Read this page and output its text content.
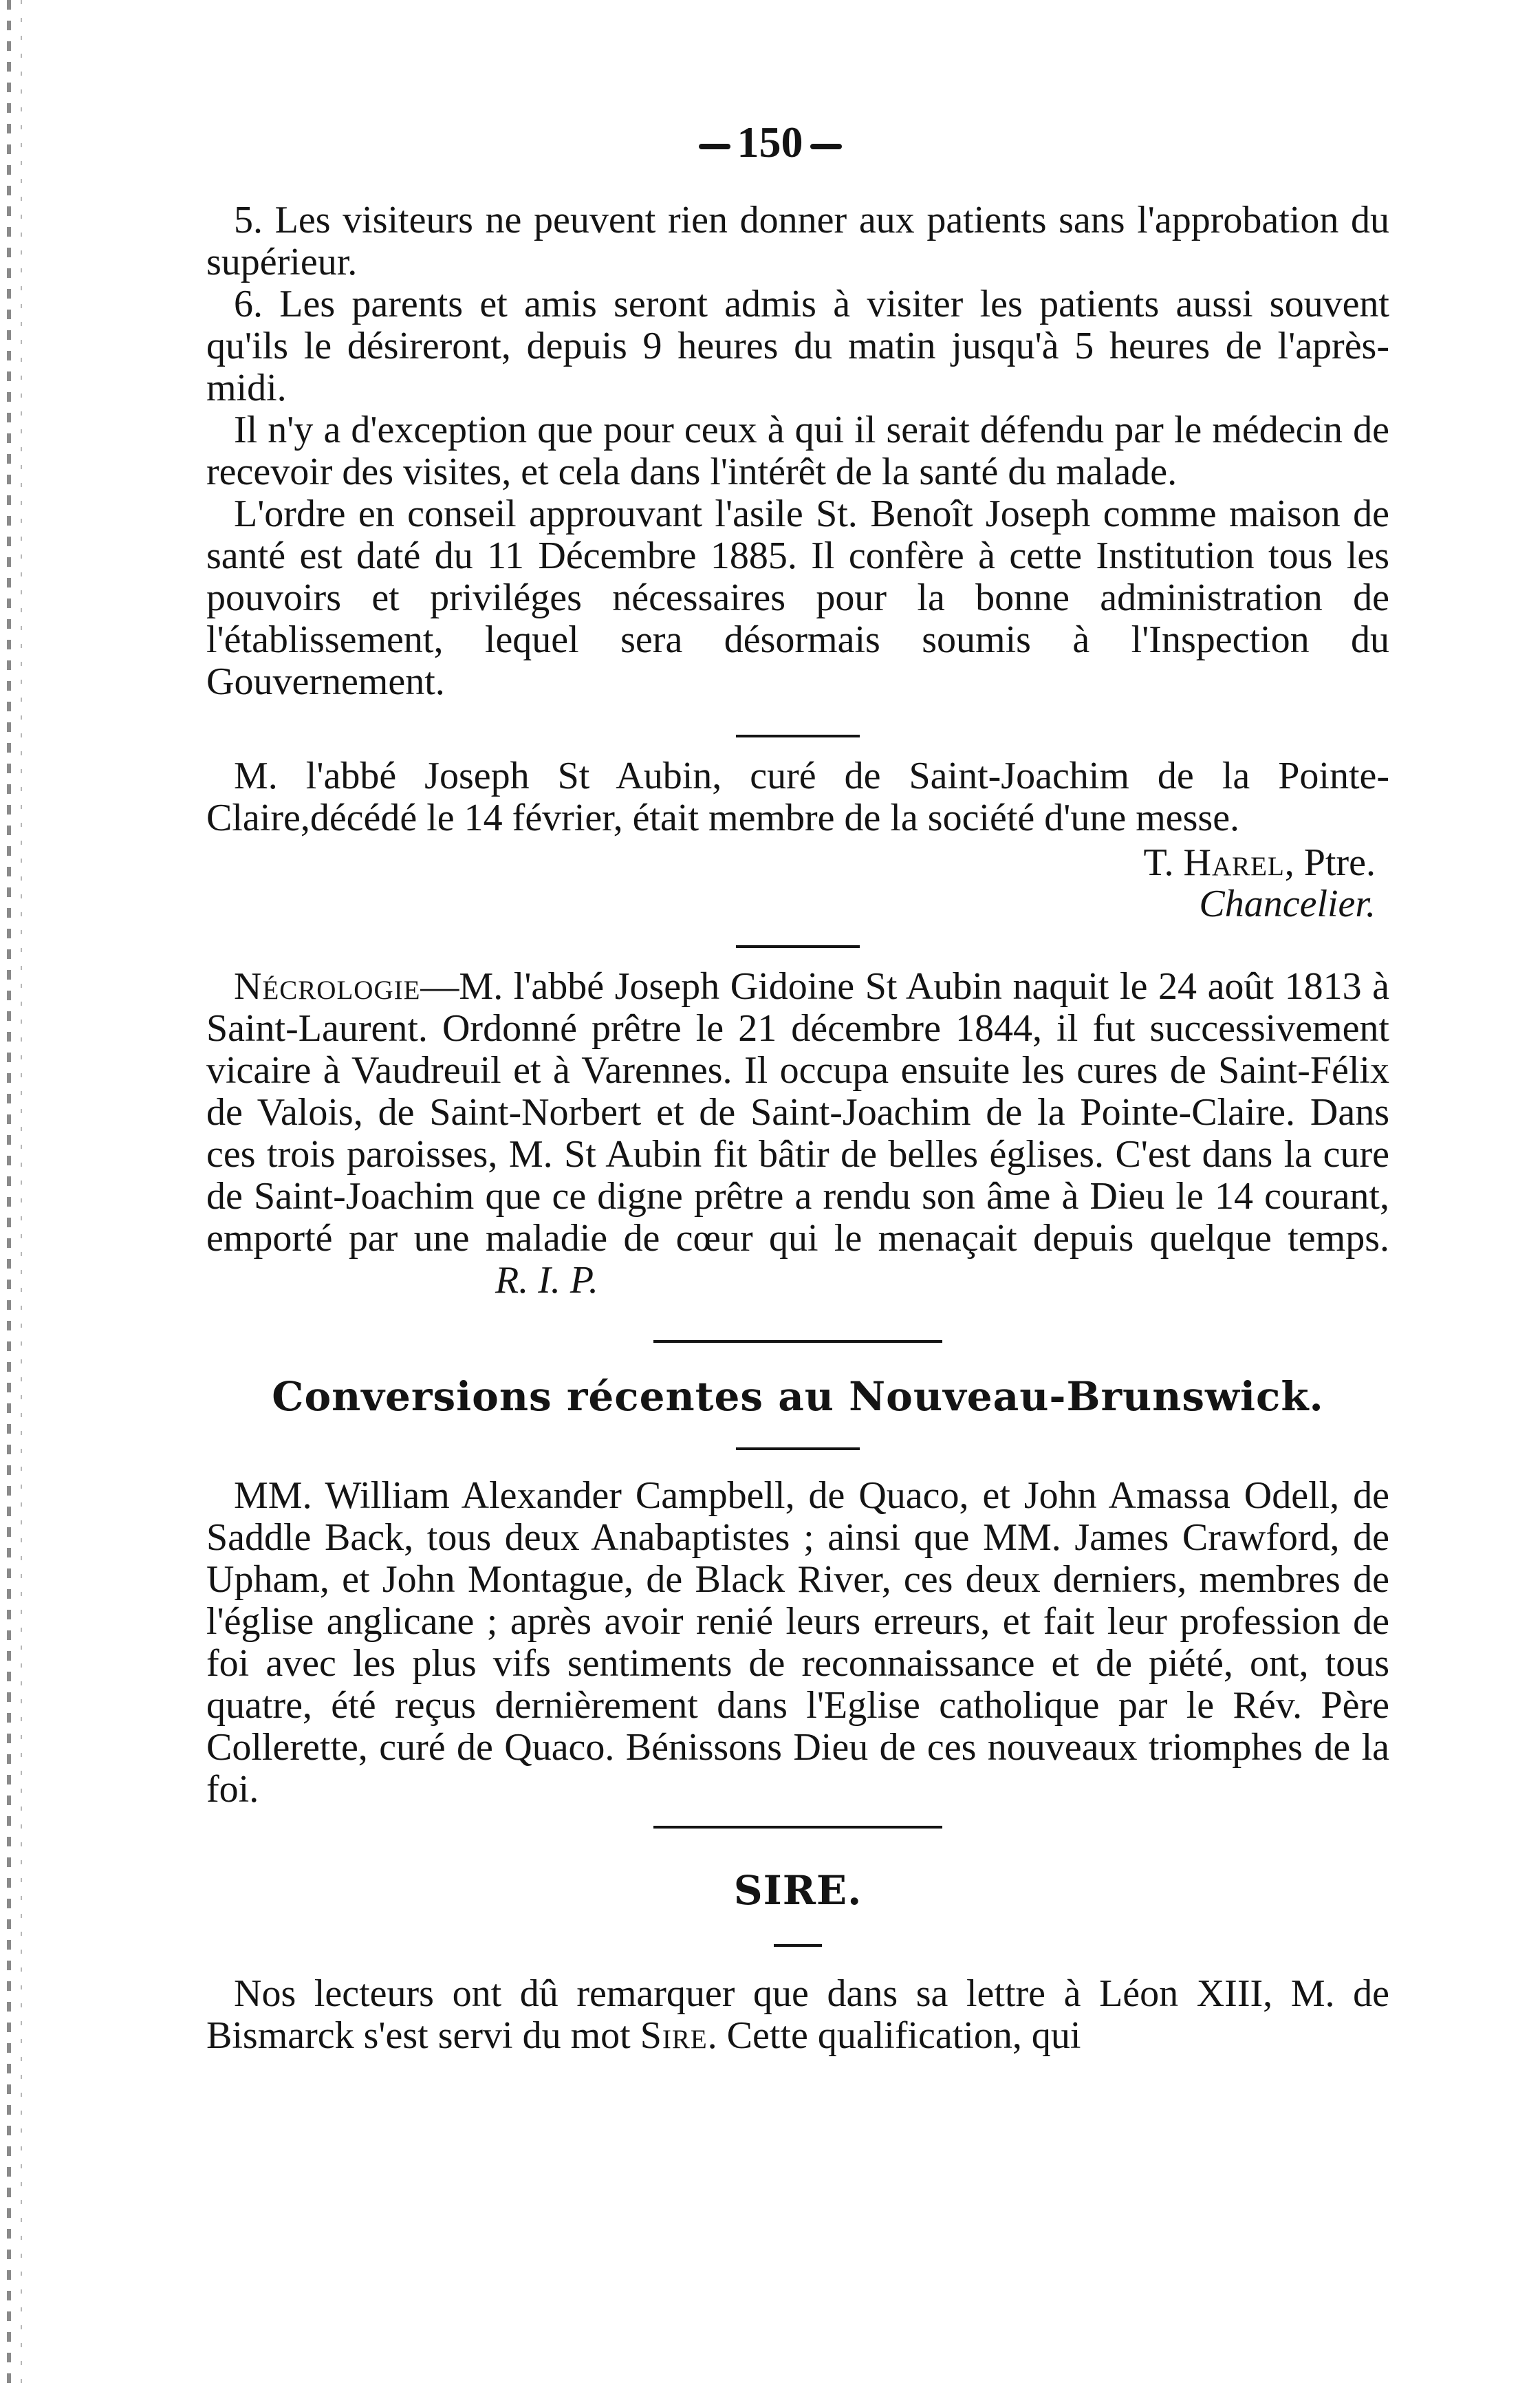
150

5. Les visiteurs ne peuvent rien donner aux patients sans l'approbation du supérieur.

6. Les parents et amis seront admis à visiter les patients aussi souvent qu'ils le désireront, depuis 9 heures du matin jusqu'à 5 heures de l'après-midi.

Il n'y a d'exception que pour ceux à qui il serait défendu par le médecin de recevoir des visites, et cela dans l'intérêt de la santé du malade.

L'ordre en conseil approuvant l'asile St. Benoît Joseph comme maison de santé est daté du 11 Décembre 1885. Il confère à cette Institution tous les pouvoirs et priviléges nécessaires pour la bonne administration de l'établissement, lequel sera désormais soumis à l'Inspection du Gouvernement.

M. l'abbé Joseph St Aubin, curé de Saint-Joachim de la Pointe-Claire,décédé le 14 février, était membre de la société d'une messe.

T. Harel, Ptre.
Chancelier.

Nécrologie—M. l'abbé Joseph Gidoine St Aubin naquit le 24 août 1813 à Saint-Laurent. Ordonné prêtre le 21 décembre 1844, il fut successivement vicaire à Vaudreuil et à Varennes. Il occupa ensuite les cures de Saint-Félix de Valois, de Saint-Norbert et de Saint-Joachim de la Pointe-Claire. Dans ces trois paroisses, M. St Aubin fit bâtir de belles églises. C'est dans la cure de Saint-Joachim que ce digne prêtre a rendu son âme à Dieu le 14 courant, emporté par une maladie de cœur qui le menaçait depuis quelque temps. R. I. P.

Conversions récentes au Nouveau-Brunswick.

MM. William Alexander Campbell, de Quaco, et John Amassa Odell, de Saddle Back, tous deux Anabaptistes ; ainsi que MM. James Crawford, de Upham, et John Montague, de Black River, ces deux derniers, membres de l'église anglicane ; après avoir renié leurs erreurs, et fait leur profession de foi avec les plus vifs sentiments de reconnaissance et de piété, ont, tous quatre, été reçus dernièrement dans l'Eglise catholique par le Rév. Père Collerette, curé de Quaco. Bénissons Dieu de ces nouveaux triomphes de la foi.

SIRE.

Nos lecteurs ont dû remarquer que dans sa lettre à Léon XIII, M. de Bismarck s'est servi du mot Sire. Cette qualification, qui
